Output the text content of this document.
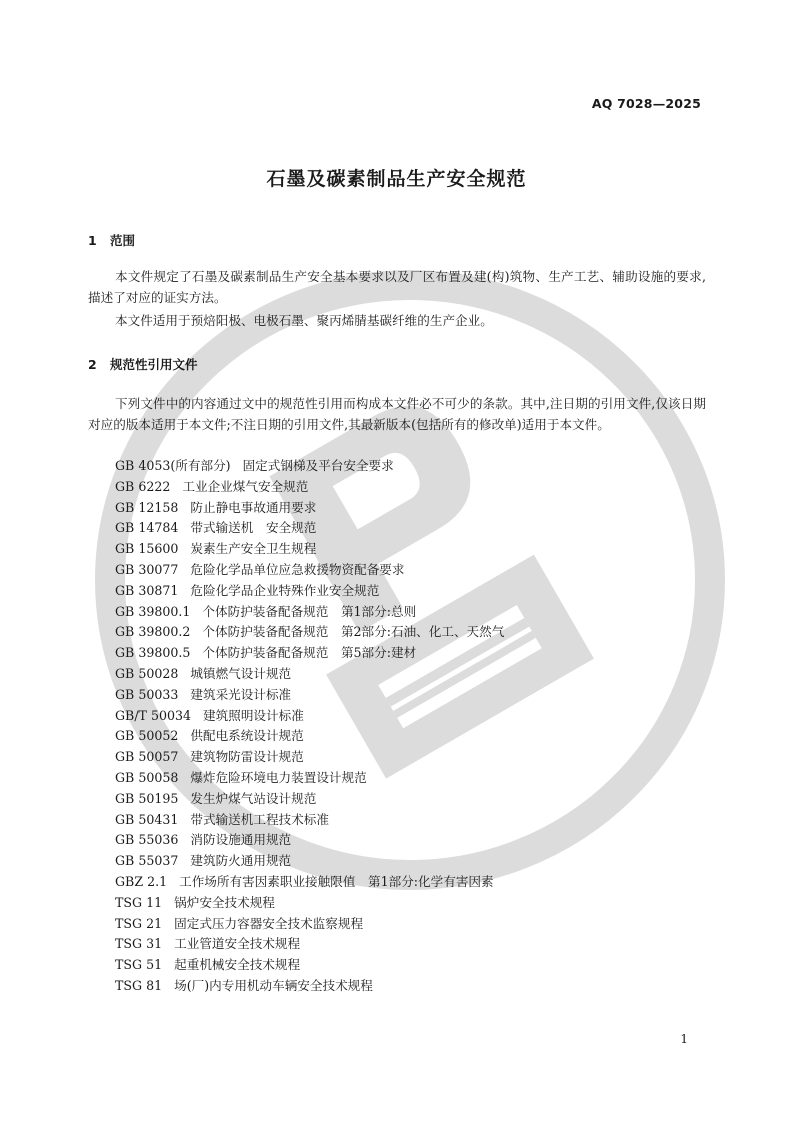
AQ 7028—2025
石墨及碳素制品生产安全规范
1 范围

本文件规定了石墨及碳素制品生产安全基本要求以及厂区布置及建(构)筑物、生产工艺、辅助设施的要求,描述了对应的证实方法。

本文件适用于预焙阳极、电极石墨、聚丙烯腈基碳纤维的生产企业。

2 规范性引用文件

下列文件中的内容通过文中的规范性引用而构成本文件必不可少的条款。其中,注日期的引用文件,仅该日期对应的版本适用于本文件;不注日期的引用文件,其最新版本(包括所有的修改单)适用于本文件。

GB 4053(所有部分) 固定式钢梯及平台安全要求
GB 6222 工业企业煤气安全规范
GB 12158 防止静电事故通用要求
GB 14784 带式输送机　安全规范
GB 15600 炭素生产安全卫生规程
GB 30077 危险化学品单位应急救援物资配备要求
GB 30871 危险化学品企业特殊作业安全规范
GB 39800.1 个体防护装备配备规范　第1部分:总则
GB 39800.2 个体防护装备配备规范　第2部分:石油、化工、天然气
GB 39800.5 个体防护装备配备规范　第5部分:建材
GB 50028 城镇燃气设计规范
GB 50033 建筑采光设计标准
GB/T 50034 建筑照明设计标准
GB 50052 供配电系统设计规范
GB 50057 建筑物防雷设计规范
GB 50058 爆炸危险环境电力装置设计规范
GB 50195 发生炉煤气站设计规范
GB 50431 带式输送机工程技术标准
GB 55036 消防设施通用规范
GB 55037 建筑防火通用规范
GBZ 2.1 工作场所有害因素职业接触限值　第1部分:化学有害因素
TSG 11 锅炉安全技术规程
TSG 21 固定式压力容器安全技术监察规程
TSG 31 工业管道安全技术规程
TSG 51 起重机械安全技术规程
TSG 81 场(厂)内专用机动车辆安全技术规程
1
